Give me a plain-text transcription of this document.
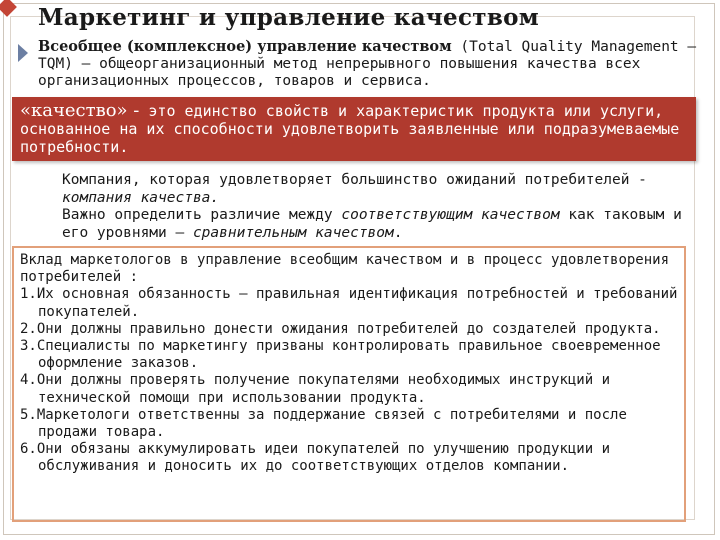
Маркетинг и управление качеством
Всеобщее (комплексное) управление качеством (Total Quality Management — TQM) — общеорганизационный метод непрерывного повышения качества всех организационных процессов, товаров и сервиса.
«качество» - это единство свойств и характеристик продукта или услуги, основанное на их способности удовлетворить заявленные или подразумеваемые потребности.
Компания, которая удовлетворяет большинство ожиданий потребителей - компания качества.
Важно определить различие между соответствующим качеством как таковым и его уровнями — сравнительным качеством.
Вклад маркетологов в управление всеобщим качеством и в процесс удовлетворения потребителей :
1.Их основная обязанность — правильная идентификация потребностей и требований покупателей.
2.Они должны правильно донести ожидания потребителей до создателей продукта.
3.Специалисты по маркетингу призваны контролировать правильное своевременное оформление заказов.
4.Они должны проверять получение покупателями необходимых инструкций и технической помощи при использовании продукта.
5.Маркетологи ответственны за поддержание связей с потребителями и после продажи товара.
6.Они обязаны аккумулировать идеи покупателей по улучшению продукции и обслуживания и доносить их до соответствующих отделов компании.
